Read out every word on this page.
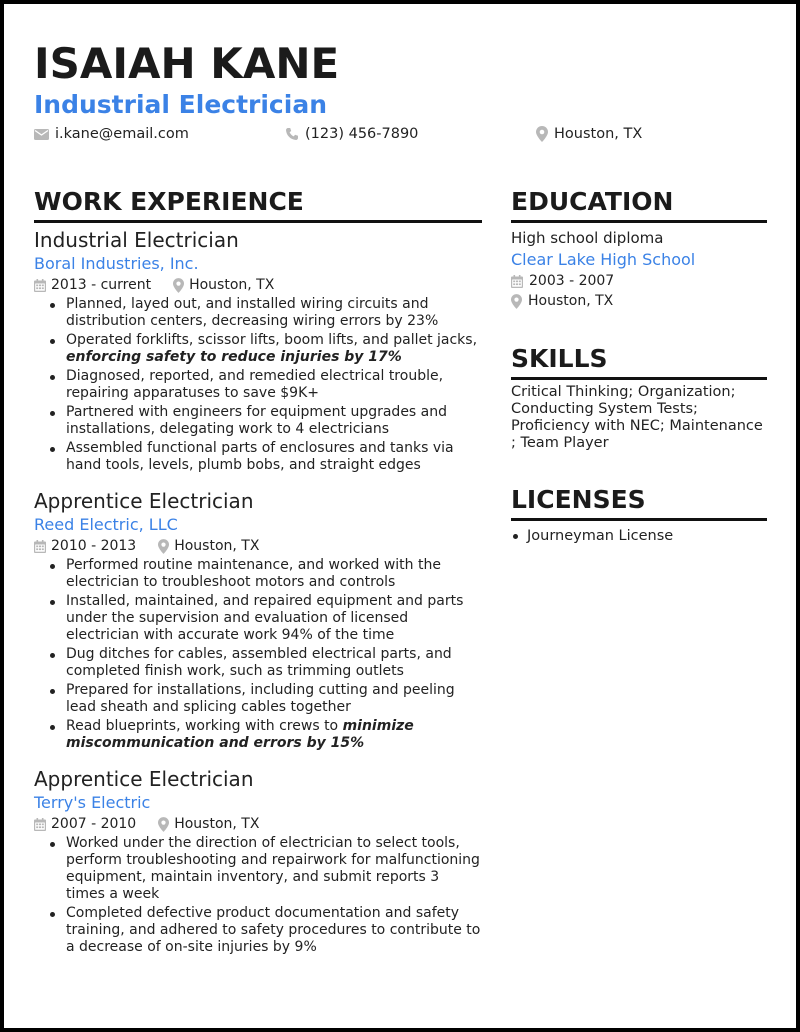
ISAIAH KANE
Industrial Electrician
i.kane@email.com	(123) 456-7890	Houston, TX
WORK EXPERIENCE
Industrial Electrician
Boral Industries, Inc.
2013 - current	Houston, TX
Planned, layed out, and installed wiring circuits and distribution centers, decreasing wiring errors by 23%
Operated forklifts, scissor lifts, boom lifts, and pallet jacks, enforcing safety to reduce injuries by 17%
Diagnosed, reported, and remedied electrical trouble, repairing apparatuses to save $9K+
Partnered with engineers for equipment upgrades and installations, delegating work to 4 electricians
Assembled functional parts of enclosures and tanks via hand tools, levels, plumb bobs, and straight edges
Apprentice Electrician
Reed Electric, LLC
2010 - 2013	Houston, TX
Performed routine maintenance, and worked with the electrician to troubleshoot motors and controls
Installed, maintained, and repaired equipment and parts under the supervision and evaluation of licensed electrician with accurate work 94% of the time
Dug ditches for cables, assembled electrical parts, and completed finish work, such as trimming outlets
Prepared for installations, including cutting and peeling lead sheath and splicing cables together
Read blueprints, working with crews to minimize miscommunication and errors by 15%
Apprentice Electrician
Terry's Electric
2007 - 2010	Houston, TX
Worked under the direction of electrician to select tools, perform troubleshooting and repairwork for malfunctioning equipment, maintain inventory, and submit reports 3 times a week
Completed defective product documentation and safety training, and adhered to safety procedures to contribute to a decrease of on-site injuries by 9%
EDUCATION
High school diploma
Clear Lake High School
2003 - 2007
Houston, TX
SKILLS
Critical Thinking; Organization; Conducting System Tests; Proficiency with NEC; Maintenance ; Team Player
LICENSES
Journeyman License
